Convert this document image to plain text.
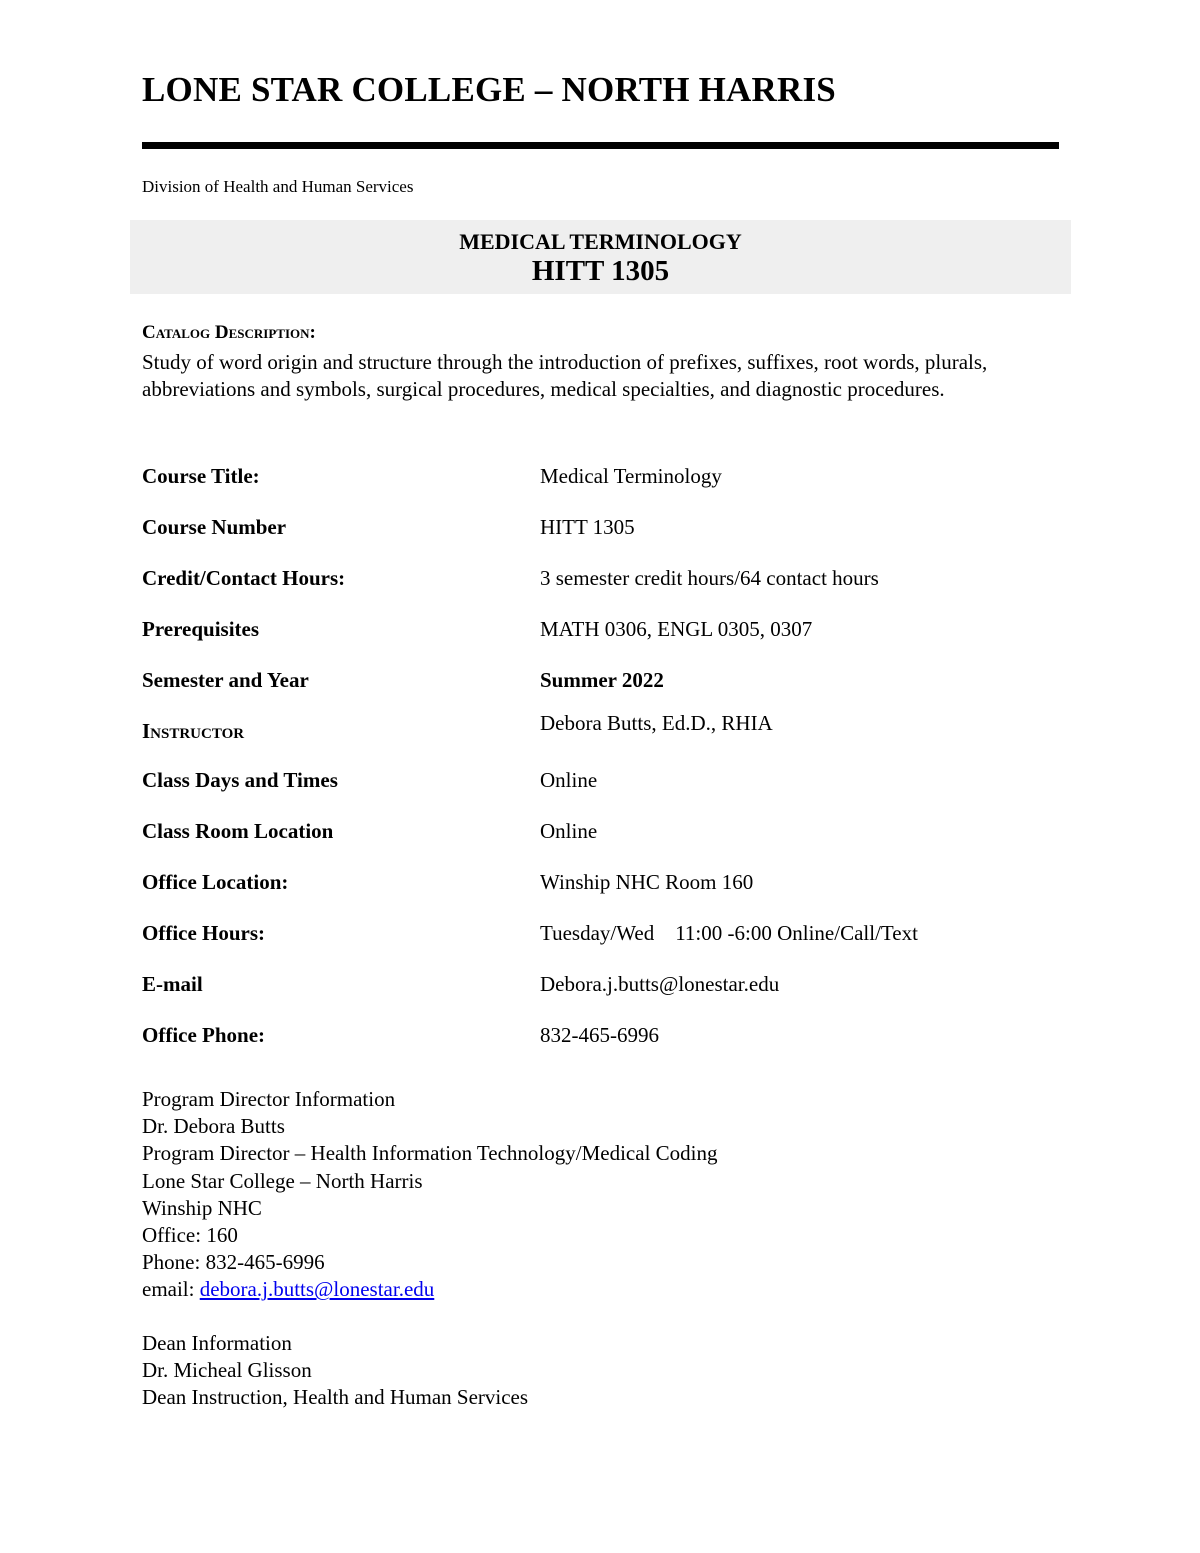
LONE STAR COLLEGE – NORTH HARRIS
Division of Health and Human Services
MEDICAL TERMINOLOGY
HITT 1305
Catalog Description:
Study of word origin and structure through the introduction of prefixes, suffixes, root words, plurals, abbreviations and symbols, surgical procedures, medical specialties, and diagnostic procedures.
Course Title:	Medical Terminology
Course Number	HITT 1305
Credit/Contact Hours:	3 semester credit hours/64 contact hours
Prerequisites	MATH 0306, ENGL 0305, 0307
Semester and Year	Summer 2022
Instructor	Debora Butts, Ed.D., RHIA
Class Days and Times	Online
Class Room Location	Online
Office Location:	Winship NHC Room 160
Office Hours:	Tuesday/Wed    11:00 -6:00 Online/Call/Text
E-mail	Debora.j.butts@lonestar.edu
Office Phone:	832-465-6996
Program Director Information
Dr. Debora Butts
Program Director – Health Information Technology/Medical Coding
Lone Star College – North Harris
Winship NHC
Office: 160
Phone: 832-465-6996
email: debora.j.butts@lonestar.edu
Dean Information
Dr. Micheal Glisson
Dean Instruction, Health and Human Services
